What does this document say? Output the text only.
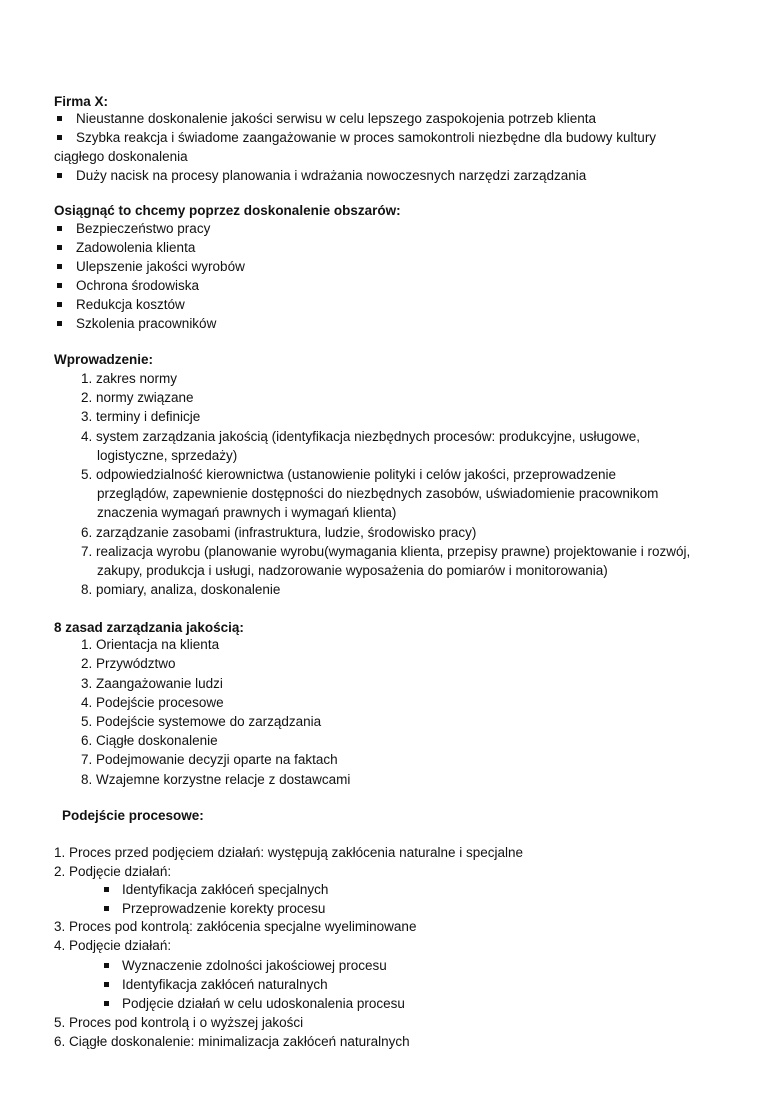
Firma X:
Nieustanne doskonalenie jakości serwisu w celu lepszego zaspokojenia potrzeb klienta
Szybka reakcja i świadome zaangażowanie w proces samokontroli niezbędne dla budowy kultury
ciągłego doskonalenia
Duży nacisk na procesy planowania i wdrażania nowoczesnych narzędzi zarządzania
Osiągnąć to chcemy poprzez doskonalenie obszarów:
Bezpieczeństwo pracy
Zadowolenia klienta
Ulepszenie jakości wyrobów
Ochrona środowiska
Redukcja kosztów
Szkolenia pracowników
Wprowadzenie:
1. zakres normy
2. normy związane
3. terminy i definicje
4. system zarządzania jakością (identyfikacja niezbędnych procesów: produkcyjne, usługowe,
logistyczne, sprzedaży)
5. odpowiedzialność kierownictwa (ustanowienie polityki i celów jakości, przeprowadzenie
przeglądów, zapewnienie dostępności do niezbędnych zasobów, uświadomienie pracownikom
znaczenia wymagań prawnych i wymagań klienta)
6. zarządzanie zasobami (infrastruktura, ludzie, środowisko pracy)
7. realizacja wyrobu (planowanie wyrobu(wymagania klienta, przepisy prawne) projektowanie i rozwój,
zakupy, produkcja i usługi, nadzorowanie wyposażenia do pomiarów i monitorowania)
8. pomiary, analiza, doskonalenie
8 zasad zarządzania jakością:
1. Orientacja na klienta
2. Przywództwo
3. Zaangażowanie ludzi
4. Podejście procesowe
5. Podejście systemowe do zarządzania
6. Ciągłe doskonalenie
7. Podejmowanie decyzji oparte na faktach
8. Wzajemne korzystne relacje z dostawcami
Podejście procesowe:
1. Proces przed podjęciem działań: występują zakłócenia naturalne i specjalne
2. Podjęcie działań:
Identyfikacja zakłóceń specjalnych
Przeprowadzenie korekty procesu
3. Proces pod kontrolą: zakłócenia specjalne wyeliminowane
4. Podjęcie działań:
Wyznaczenie zdolności jakościowej procesu
Identyfikacja zakłóceń naturalnych
Podjęcie działań w celu udoskonalenia procesu
5. Proces pod kontrolą i o wyższej jakości
6. Ciągłe doskonalenie: minimalizacja zakłóceń naturalnych
